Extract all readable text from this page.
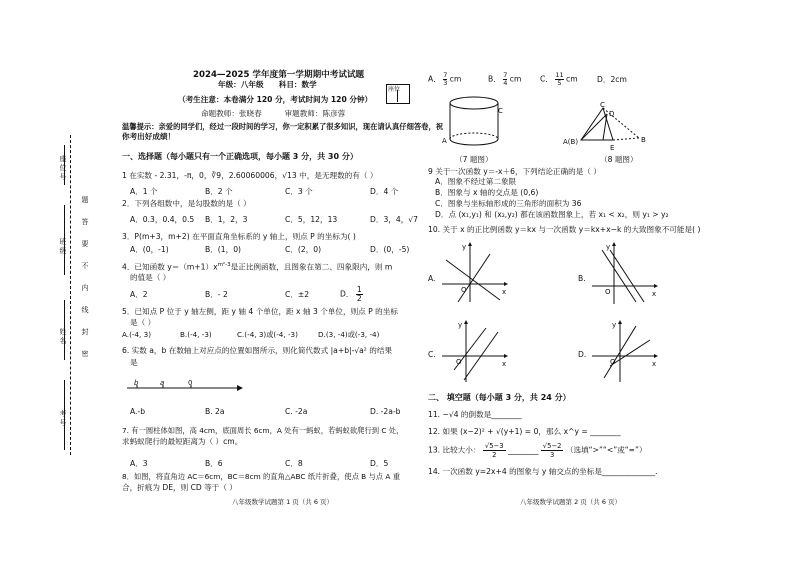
座位号
班级
姓名
考号
密
封
线
内
不
要
答
题
2024—2025 学年度第一学期期中考试试题
年级：八年级　　科目：数学
座位
（考生注意：本卷满分 120 分，考试时间为 120 分钟）
命题教师：张晓春　　　审题教师：陈彦蓉
温馨提示：亲爱的同学们，经过一段时间的学习，你一定积累了很多知识，现在请认真仔细答卷，祝
你考出好成绩！
一、选择题（每小题只有一个正确选项，每小题 3 分，共 30 分）
1 在实数 - 2.31，-π，0，∛9，2.60060006，√13 中，是无理数的有（ ）
A．1 个	B．2 个	C．3 个	D．4 个
2．下列各组数中，是勾股数的是（ ）
A．0.3，0.4，0.5 B．1，2，3	C．5，12，13	D．3，4，√7
3．P(m+3，m+2) 在平面直角坐标系的 y 轴上，则点 P 的坐标为( )
A．(0，-1)	B．(1，0)	C．(2，0)	D．(0，-5)
4．已知函数 $y=(m+1)x^{m^2-3}$是正比例函数，且图象在第二、四象限内，则 m
的值是（ ）
A．2	B．- 2	C．±2	D． $\frac{1}{2}$
5．已知点 P 位于 y 轴左侧，距 y 轴 4 个单位，距 x 轴 3 个单位，则点 P 的坐标
是（ ）
A.(-4, 3)	B.(-4, -3)	C.(-4, 3)或(-4, -3)	D.(3, -4)或(-3, -4)
6. 实数 a，b 在数轴上对应点的位置如图所示，则化简代数式 |a+b|-√a² 的结果
是
b	a	0
A.-b	B. 2a	C. -2a	D. -2a-b
7. 有一圆柱体如图，高 4cm，底面周长 6cm，A 处有一蚂蚁，若蚂蚁欲爬行到 C 处，
求蚂蚁爬行的最短距离为（ ）cm。
A．3	B．6	C．8	D．5
8．如图，将直角边 AC＝6cm，BC＝8cm 的直角△ABC 纸片折叠，使点 B 与点 A 重
合，折痕为 DE，则 CD 等于（ ）
八年级数学试题第 1 页（共 6 页）
A． $\frac{7}{3}$ cm	B． $\frac{7}{4}$ cm C． $\frac{11}{5}$ cm	D．2cm
C
A
C
D
A(B)
E
B
（7 题图）	（8 题图）
9 关于一次函数 y＝-x＋6，下列结论正确的是（ ）
A．图象不经过第二象限
B．图象与 x 轴的交点是 (0,6)
C．图象与坐标轴形成的三角形的面积为 36
D．点 (x₁,y₁) 和 (x₂,y₂) 都在该函数图象上，若 x₁ < x₂，则 y₁ > y₂
10. 关于 x 的正比例函数 y＝kx 与一次函数 y＝kx+x−k 的大致图象不可能是( )
A.	B.
C.	D.
y
x
O
y
x
O
y
x
O
y
x
O
二、 填空题（每小题 3 分，共 24 分）
11. −√4 的倒数是________
12. 如果 (x−2)² + √(y+1) = 0，那么 x^y = ________
13. 比较大小： $\frac{√5-3}{2}$ ________ $\frac{√5-2}{3}$ （选填“>”“<”或“=”）
14. 一次函数 y=2x+4 的图象与 y 轴交点的坐标是______________.
八年级数学试题第 2 页（共 6 页）
